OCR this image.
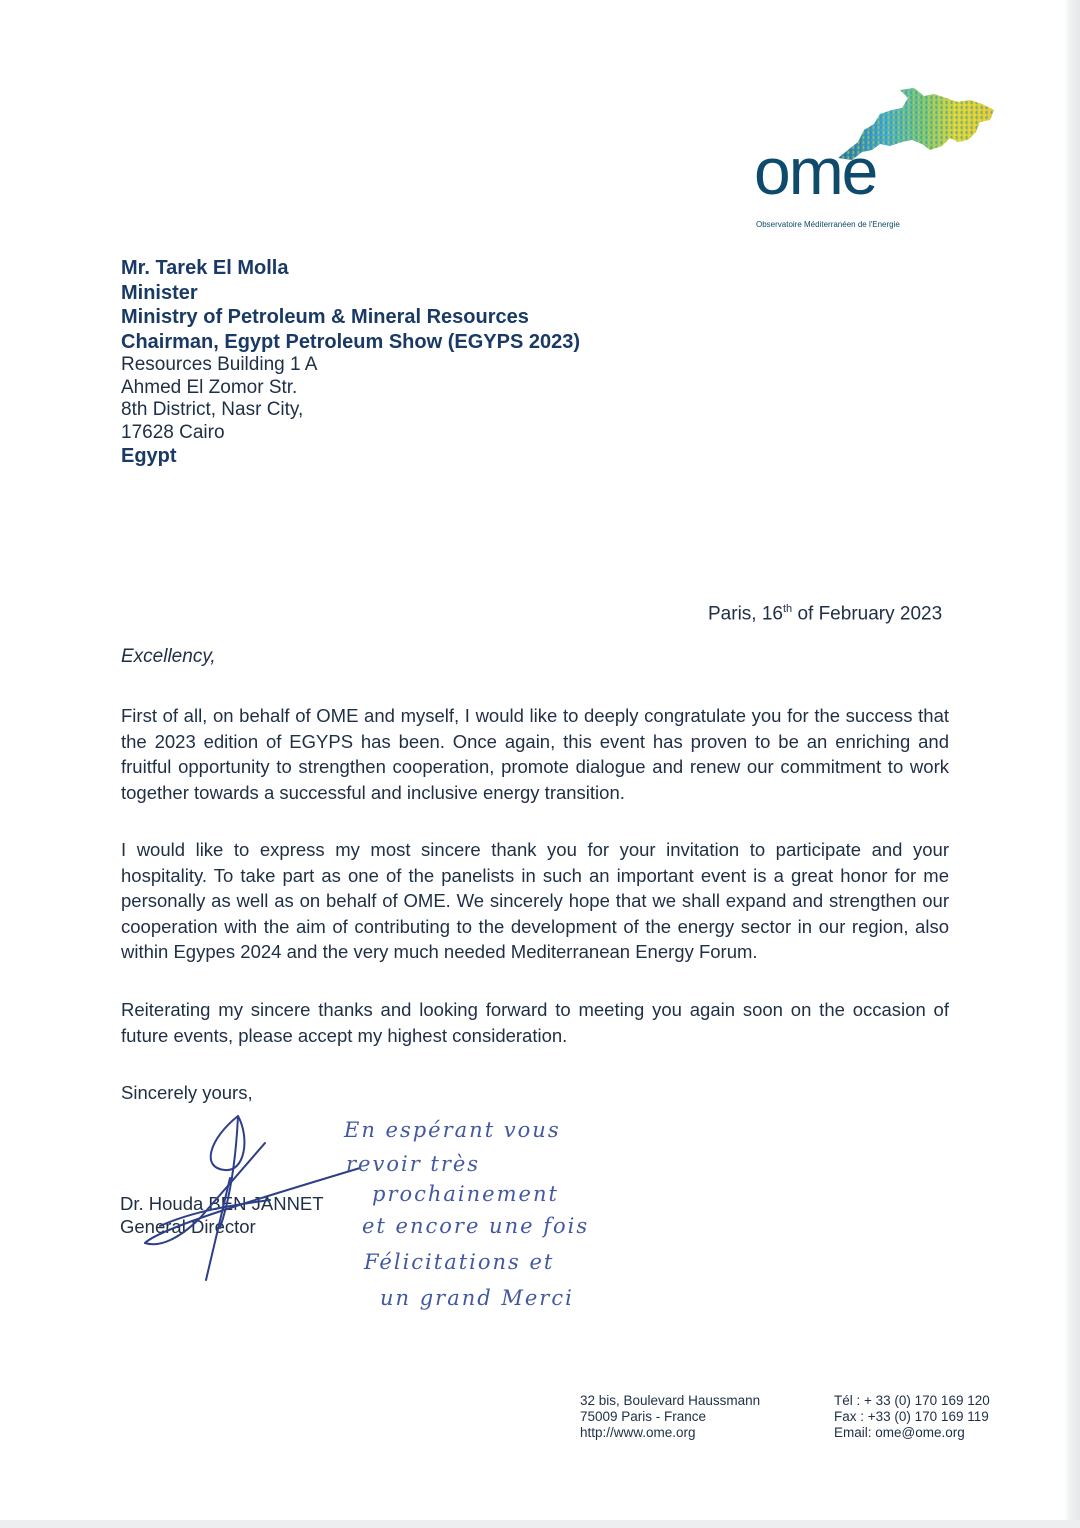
ome
Observatoire Méditerranéen de l'Energie
Mr. Tarek El Molla
Minister
Ministry of Petroleum & Mineral Resources
Chairman, Egypt Petroleum Show (EGYPS 2023)
Resources Building 1 A
Ahmed El Zomor Str.
8th District, Nasr City,
17628 Cairo
Egypt
Paris, 16th of February 2023
Excellency,

First of all, on behalf of OME and myself, I would like to deeply congratulate you for the success that the 2023 edition of EGYPS has been. Once again, this event has proven to be an enriching and fruitful opportunity to strengthen cooperation, promote dialogue and renew our commitment to work together towards a successful and inclusive energy transition.

I would like to express my most sincere thank you for your invitation to participate and your hospitality. To take part as one of the panelists in such an important event is a great honor for me personally as well as on behalf of OME. We sincerely hope that we shall expand and strengthen our cooperation with the aim of contributing to the development of the energy sector in our region, also within Egypes 2024 and the very much needed Mediterranean Energy Forum.

Reiterating my sincere thanks and looking forward to meeting you again soon on the occasion of future events, please accept my highest consideration.

Sincerely yours,
Dr. Houda BEN JANNET
General Director
En espérant vous
revoir très
prochainement
et encore une fois
Félicitations et
un grand Merci
32 bis, Boulevard Haussmann
75009 Paris - France
http://www.ome.org
Tél : + 33 (0) 170 169 120
Fax : +33 (0) 170 169 119
Email: ome@ome.org
